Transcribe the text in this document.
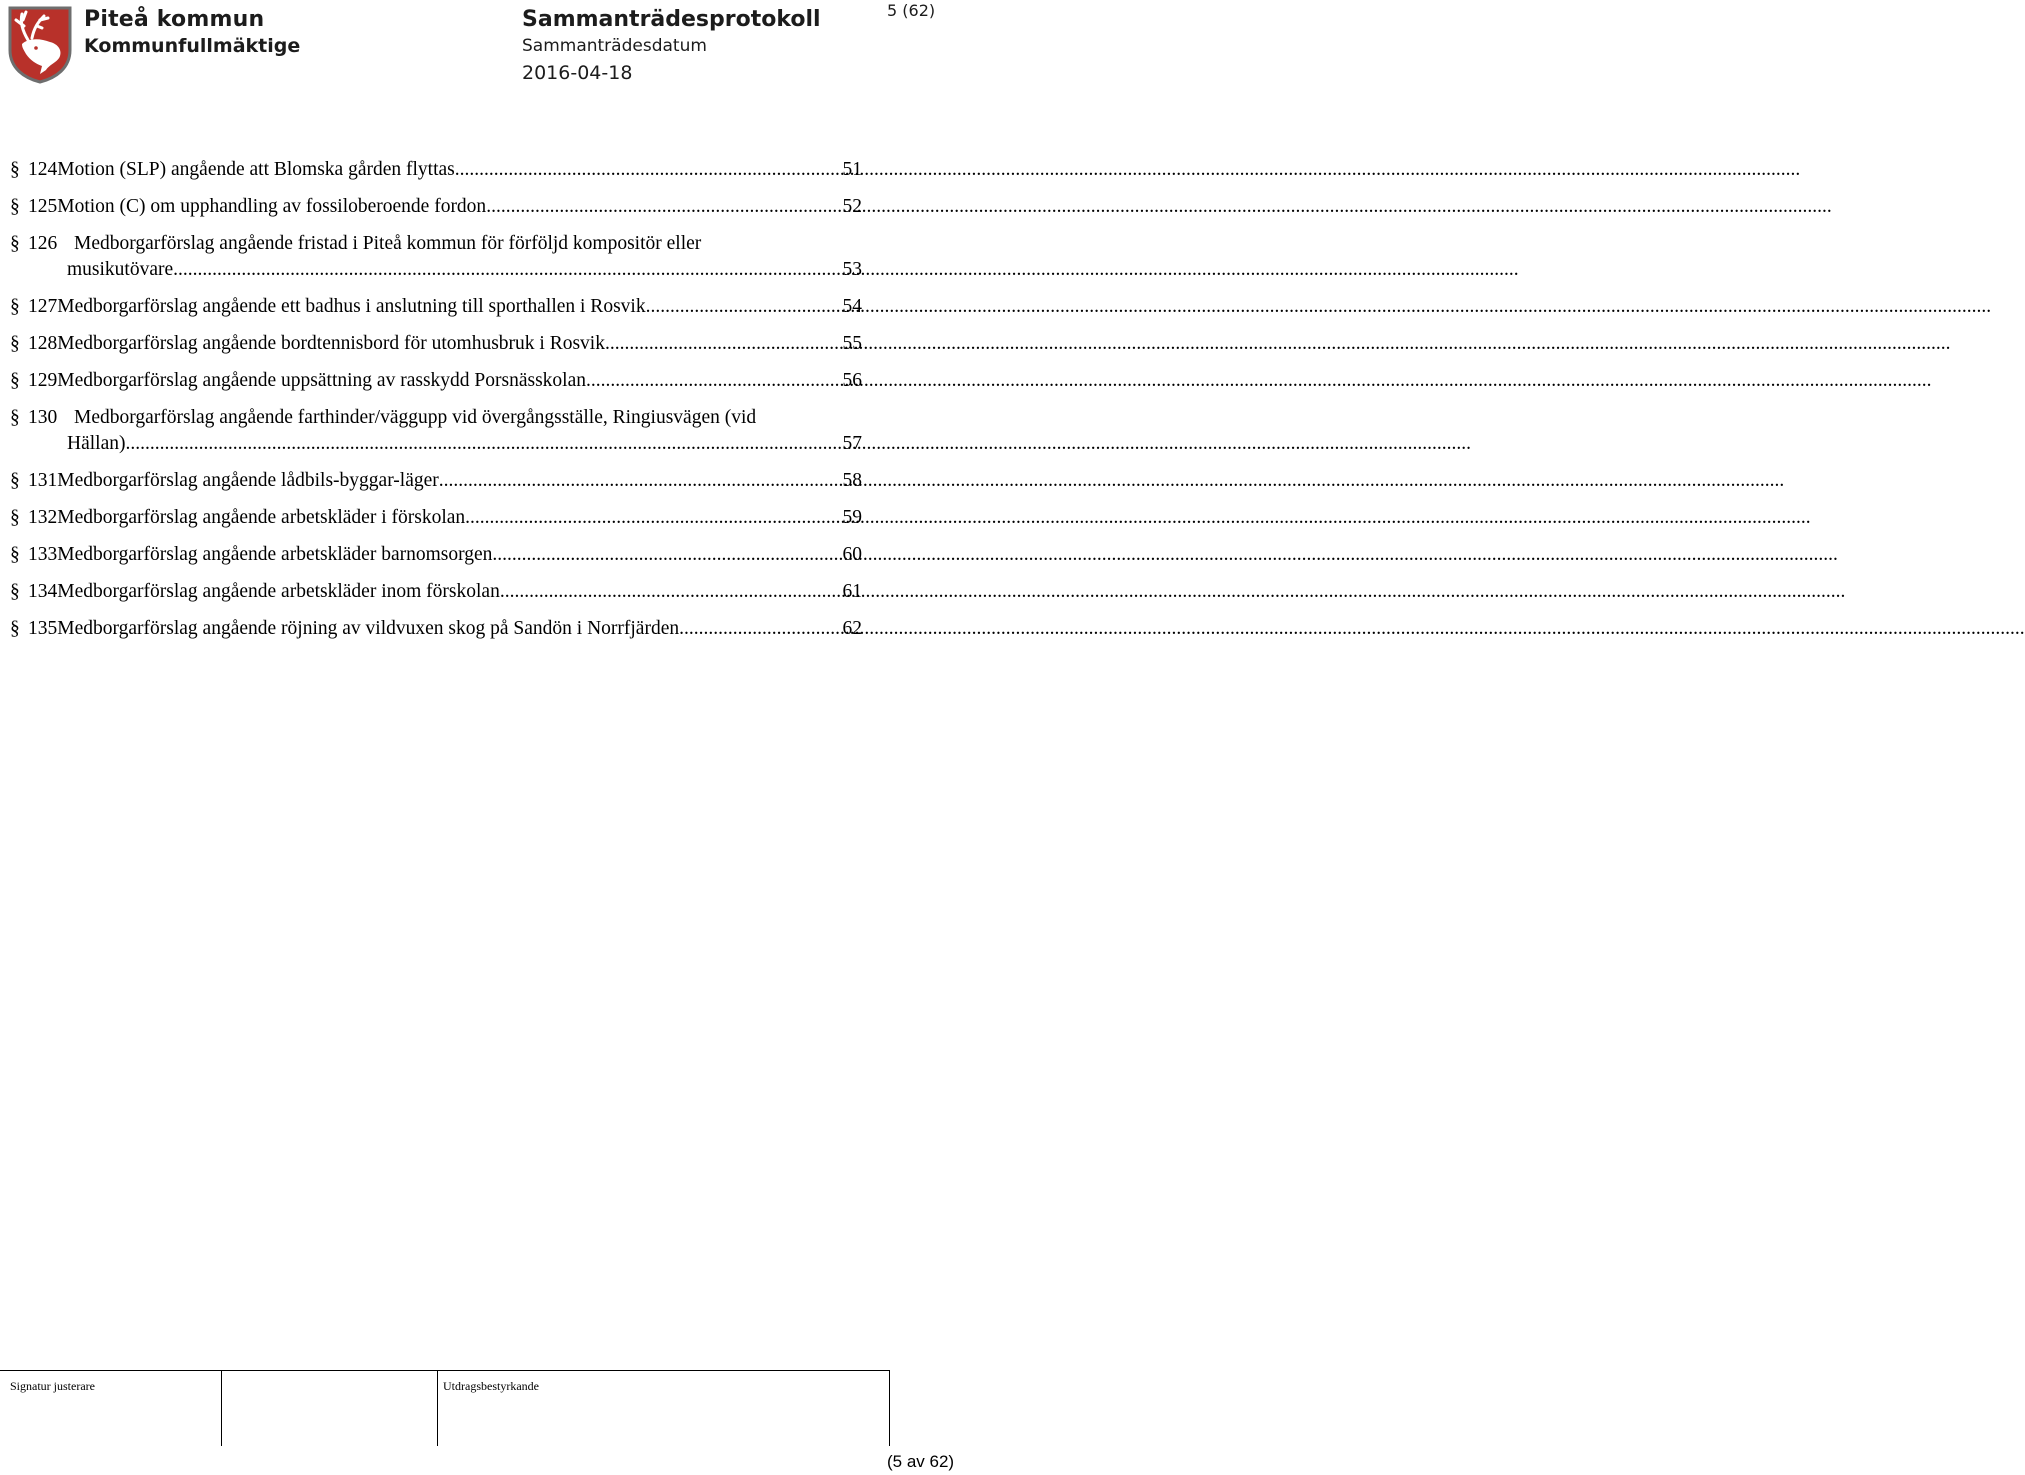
Piteå kommun
Kommunfullmäktige
Sammanträdesprotokoll
Sammanträdesdatum
2016-04-18
5 (62)
§ 124 Motion (SLP) angående att Blomska gården flyttas .....	51
§ 125 Motion (C) om upphandling av fossiloberoende fordon .....	52
§ 126 Medborgarförslag angående fristad i Piteå kommun för förföljd kompositör eller
musikutövare .....	53
§ 127 Medborgarförslag angående ett badhus i anslutning till sporthallen i Rosvik .....	54
§ 128 Medborgarförslag angående bordtennisbord för utomhusbruk i Rosvik .....	55
§ 129 Medborgarförslag angående uppsättning av rasskydd Porsnässkolan .....	56
§ 130 Medborgarförslag angående farthinder/väggupp vid övergångsställe, Ringiusvägen (vid
Hällan) .....	57
§ 131 Medborgarförslag angående lådbils-byggar-läger .....	58
§ 132 Medborgarförslag angående arbetskläder i förskolan .....	59
§ 133 Medborgarförslag angående arbetskläder barnomsorgen .....	60
§ 134 Medborgarförslag angående arbetskläder inom förskolan .....	61
§ 135 Medborgarförslag angående röjning av vildvuxen skog på Sandön i Norrfjärden .....	62
Signatur justerare	Utdragsbestyrkande
(5 av 62)
